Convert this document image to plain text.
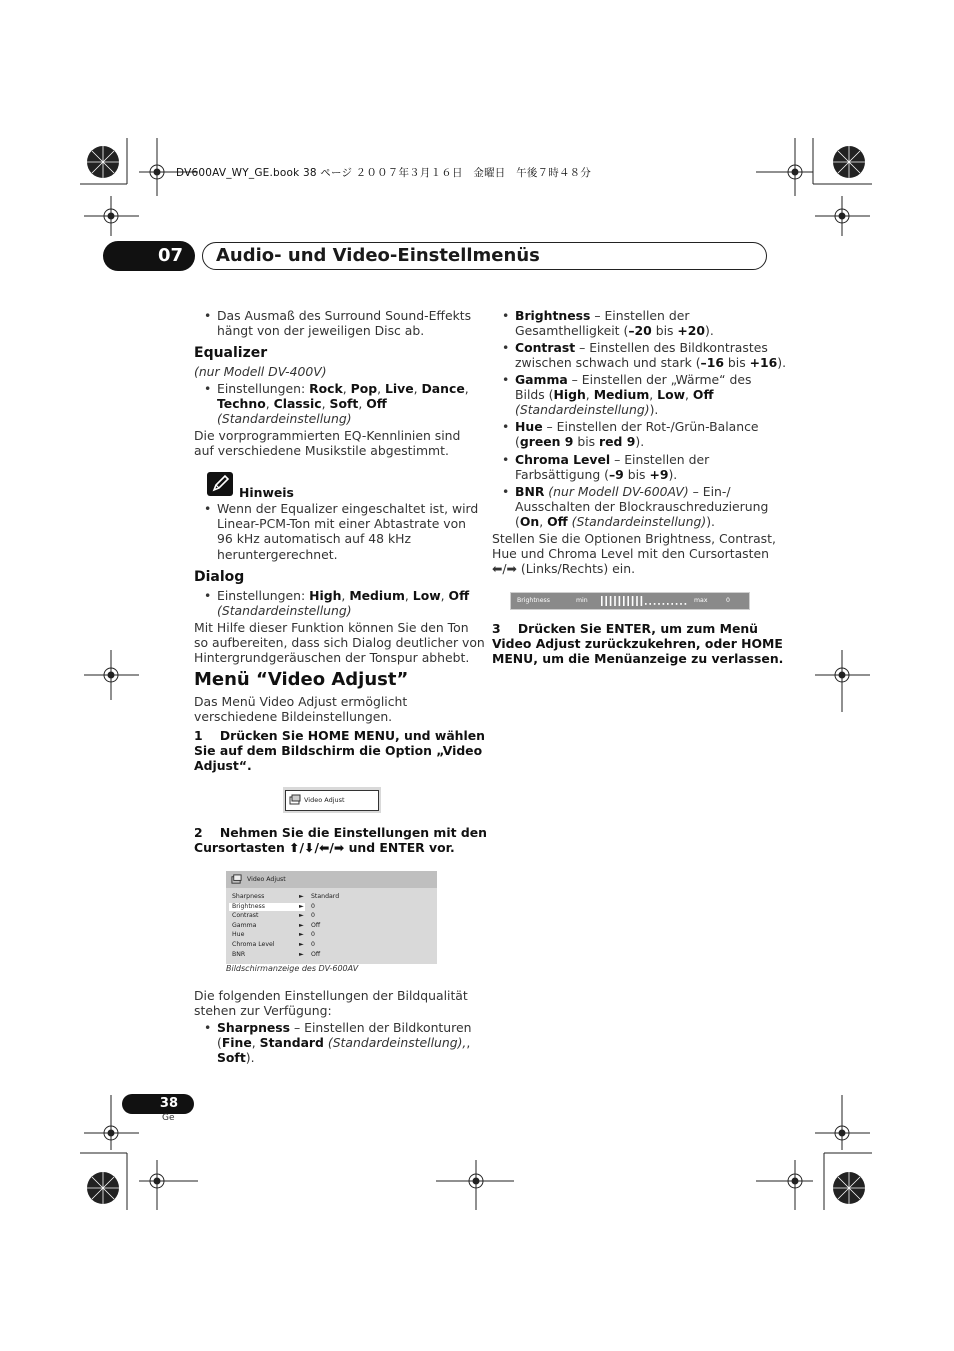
DV600AV_WY_GE.book 38 ページ ２００７年３月１６日　金曜日　午後７時４８分
07	Audio- und Video-Einstellmenüs
• Das Ausmaß des Surround Sound-Effekts
hängt von der jeweiligen Disc ab.
Equalizer
(nur Modell DV-400V)
• Einstellungen: Rock, Pop, Live, Dance,
Techno, Classic, Soft, Off
(Standardeinstellung)
Die vorprogrammierten EQ-Kennlinien sind
auf verschiedene Musikstile abgestimmt.
Hinweis
• Wenn der Equalizer eingeschaltet ist, wird
Linear-PCM-Ton mit einer Abtastrate von
96 kHz automatisch auf 48 kHz
heruntergerechnet.
Dialog
• Einstellungen: High, Medium, Low, Off
(Standardeinstellung)
Mit Hilfe dieser Funktion können Sie den Ton
so aufbereiten, dass sich Dialog deutlicher von
Hintergrundgeräuschen der Tonspur abhebt.
Menü “Video Adjust”
Das Menü Video Adjust ermöglicht
verschiedene Bildeinstellungen.
1 Drücken Sie HOME MENU, und wählen
Sie auf dem Bildschirm die Option „Video
Adjust“.
Video Adjust
2 Nehmen Sie die Einstellungen mit den
Cursortasten ⬆/⬇/⬅/➡ und ENTER vor.
Video Adjust
Sharpness	► Standard
Brightness	► 0
Contrast	► 0
Gamma	► Off
Hue	► 0
Chroma Level	► 0
BNR	► Off
Bildschirmanzeige des DV-600AV
Die folgenden Einstellungen der Bildqualität
stehen zur Verfügung:
• Sharpness – Einstellen der Bildkonturen
(Fine, Standard (Standardeinstellung),,
Soft).
• Brightness – Einstellen der
Gesamthelligkeit (–20 bis +20).
• Contrast – Einstellen des Bildkontrastes
zwischen schwach und stark (–16 bis +16).
• Gamma – Einstellen der „Wärme“ des
Bilds (High, Medium, Low, Off
(Standardeinstellung)).
• Hue – Einstellen der Rot-/Grün-Balance
(green 9 bis red 9).
• Chroma Level – Einstellen der
Farbsättigung (–9 bis +9).
• BNR (nur Modell DV-600AV) – Ein-/
Ausschalten der Blockrauschreduzierung
(On, Off (Standardeinstellung)).
Stellen Sie die Optionen Brightness, Contrast,
Hue und Chroma Level mit den Cursortasten
⬅/➡ (Links/Rechts) ein.
Brightness	min	max	0
3 Drücken Sie ENTER, um zum Menü
Video Adjust zurückzukehren, oder HOME
MENU, um die Menüanzeige zu verlassen.
38
Ge
